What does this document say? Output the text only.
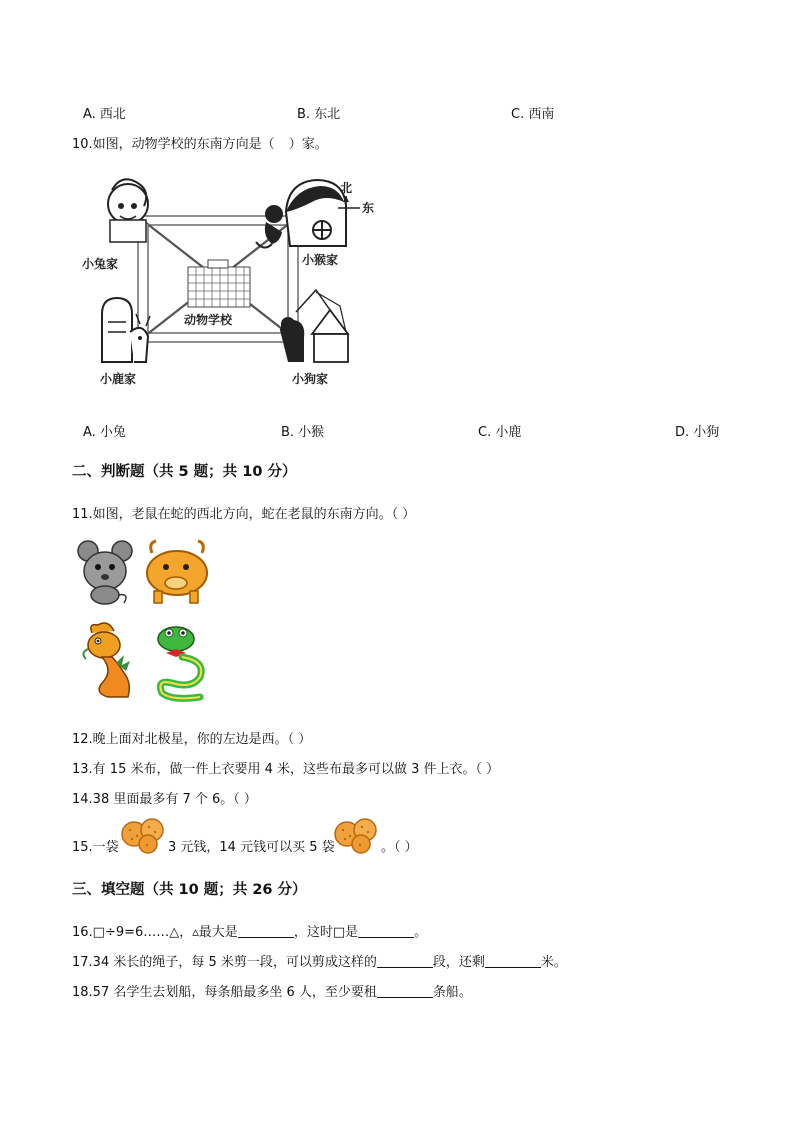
A. 西北	B. 东北	C. 西南
10.如图，动物学校的东南方向是（ ）家。
动物学校
小兔家	小猴家
北
东
小鹿家	小狗家
A. 小兔	B. 小猴	C. 小鹿	D. 小狗
二、判断题（共 5 题；共 10 分）
11.如图，老鼠在蛇的西北方向，蛇在老鼠的东南方向。（ ）
12.晚上面对北极星，你的左边是西。（ ）
13.有 15 米布，做一件上衣要用 4 米，这些布最多可以做 3 件上衣。（ ）
14.38 里面最多有 7 个 6。（ ）
15.一袋	3 元钱，14 元钱可以买 5 袋	。（ ）
三、填空题（共 10 题；共 26 分）
16.□÷9=6……△，▵最大是	，这时□是	。
17.34 米长的绳子，每 5 米剪一段，可以剪成这样的	段，还剩	米。
18.57 名学生去划船，每条船最多坐 6 人，至少要租	条船。
